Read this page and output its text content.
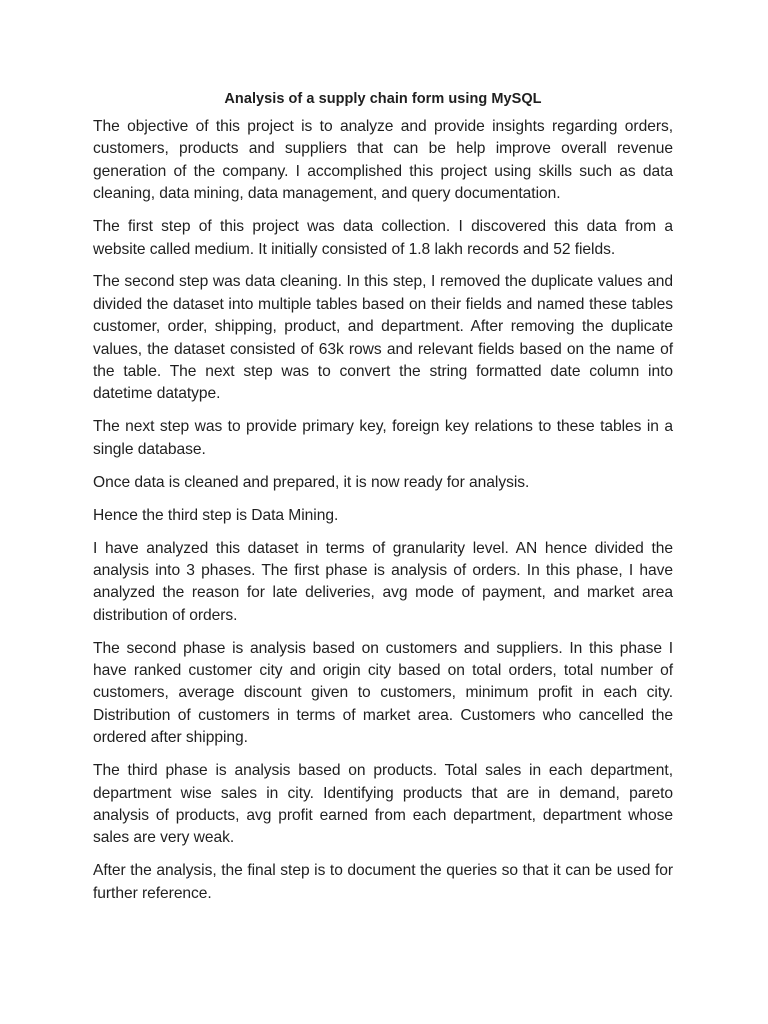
Analysis of a supply chain form using MySQL

The objective of this project is to analyze and provide insights regarding orders, customers, products and suppliers that can be help improve overall revenue generation of the company. I accomplished this project using skills such as data cleaning, data mining, data management, and query documentation.

The first step of this project was data collection. I discovered this data from a website called medium. It initially consisted of 1.8 lakh records and 52 fields.

The second step was data cleaning. In this step, I removed the duplicate values and divided the dataset into multiple tables based on their fields and named these tables customer, order, shipping, product, and department. After removing the duplicate values, the dataset consisted of 63k rows and relevant fields based on the name of the table. The next step was to convert the string formatted date column into datetime datatype.

The next step was to provide primary key, foreign key relations to these tables in a single database.

Once data is cleaned and prepared, it is now ready for analysis.

Hence the third step is Data Mining.

I have analyzed this dataset in terms of granularity level. AN hence divided the analysis into 3 phases. The first phase is analysis of orders. In this phase, I have analyzed the reason for late deliveries, avg mode of payment, and market area distribution of orders.

The second phase is analysis based on customers and suppliers. In this phase I have ranked customer city and origin city based on total orders, total number of customers, average discount given to customers, minimum profit in each city. Distribution of customers in terms of market area. Customers who cancelled the ordered after shipping.

The third phase is analysis based on products. Total sales in each department, department wise sales in city. Identifying products that are in demand, pareto analysis of products, avg profit earned from each department, department whose sales are very weak.

After the analysis, the final step is to document the queries so that it can be used for further reference.
